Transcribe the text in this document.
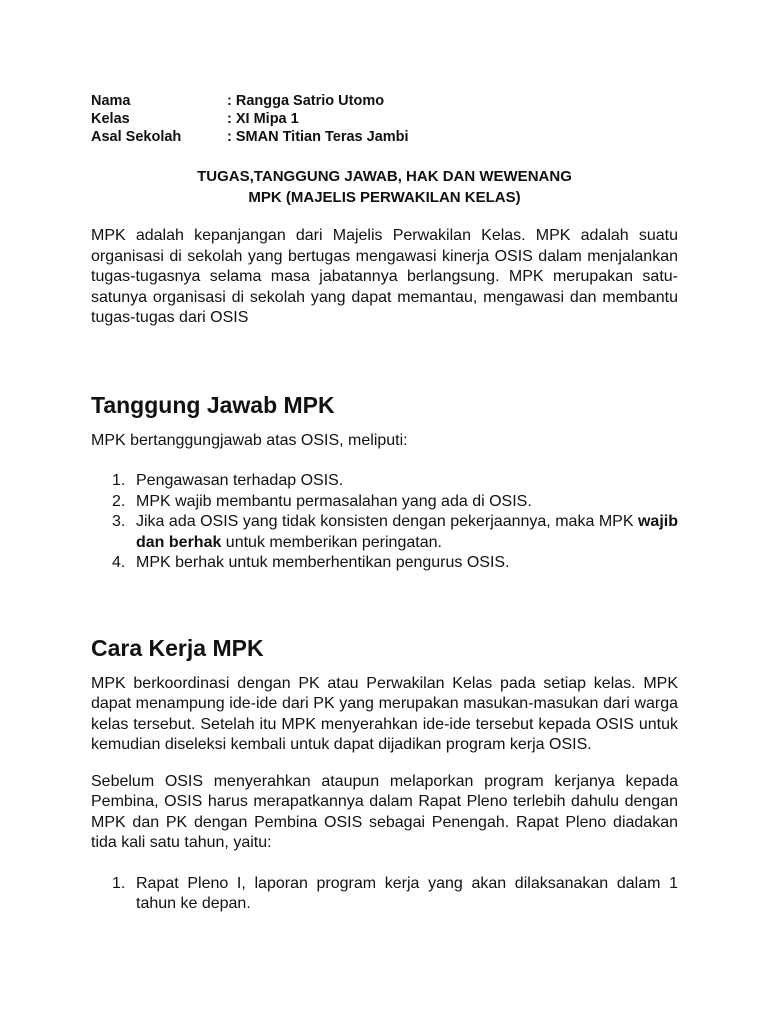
Nama	: Rangga Satrio Utomo
Kelas	: XI Mipa 1
Asal Sekolah	: SMAN Titian Teras Jambi
TUGAS,TANGGUNG JAWAB, HAK DAN WEWENANG
MPK (MAJELIS PERWAKILAN KELAS)

MPK adalah kepanjangan dari Majelis Perwakilan Kelas. MPK adalah suatu organisasi di sekolah yang bertugas mengawasi kinerja OSIS dalam menjalankan tugas-tugasnya selama masa jabatannya berlangsung. MPK merupakan satu-satunya organisasi di sekolah yang dapat memantau, mengawasi dan membantu tugas-tugas dari OSIS

Tanggung Jawab MPK

MPK bertanggungjawab atas OSIS, meliputi:

1. Pengawasan terhadap OSIS.
2. MPK wajib membantu permasalahan yang ada di OSIS.
3. Jika ada OSIS yang tidak konsisten dengan pekerjaannya, maka MPK wajib dan berhak untuk memberikan peringatan.
4. MPK berhak untuk memberhentikan pengurus OSIS.
Cara Kerja MPK

MPK berkoordinasi dengan PK atau Perwakilan Kelas pada setiap kelas. MPK dapat menampung ide-ide dari PK yang merupakan masukan-masukan dari warga kelas tersebut. Setelah itu MPK menyerahkan ide-ide tersebut kepada OSIS untuk kemudian diseleksi kembali untuk dapat dijadikan program kerja OSIS.

Sebelum OSIS menyerahkan ataupun melaporkan program kerjanya kepada Pembina, OSIS harus merapatkannya dalam Rapat Pleno terlebih dahulu dengan MPK dan PK dengan Pembina OSIS sebagai Penengah. Rapat Pleno diadakan tida kali satu tahun, yaitu:

1. Rapat Pleno I, laporan program kerja yang akan dilaksanakan dalam 1 tahun ke depan.
